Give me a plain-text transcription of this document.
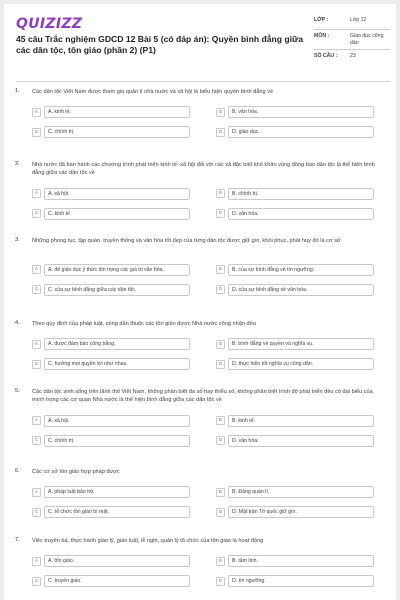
QUIZIZZ
45 câu Trắc nghiệm GDCD 12 Bài 5 (có đáp án): Quyền bình đẳng giữa các dân tộc, tôn giáo (phần 2) (P1)
LỚP :	Lớp 12
MÔN :	Giáo dục công dân
SỐ CÂU :	23
1. Các dân tộc Việt Nam được tham gia quản lí nhà nước và xã hội là biểu hiện quyền bình đẳng về
A	A. kinh tế.	B	B. văn hóa.
C	C. chính trị.	D	D. giáo dục.
2. Nhà nước đã ban hành các chương trình phát triển kinh tế- xã hội đối với các xã đặc biệt khó khăn vùng đồng bào dân tộc là thể hiện bình đẳng giữa các dân tộc về
A	A. xã hội.	B	B. chính trị.
C	C. kinh tế.	D	D. văn hóa.
3. Những phong tục, tập quán, truyền thống và văn hóa tốt đẹp của từng dân tộc được giữ gìn, khôi phục, phát huy đó là cơ sở
A	A. để giáo dục ý thức tôn trọng các giá trị văn hóa.	B	B. của sự bình đẳng về tín ngưỡng.
C	C. của sự bình đẳng giữa các dân tộc.	D	D. của sự bình đẳng về văn hóa.
4. Theo quy định của pháp luật, công dân thuộc các tôn giáo được Nhà nước công nhận đều
A	A. được đảm bảo công bằng.	B	B. bình đẳng về quyền và nghĩa vụ.
C	C. hưởng mọi quyền lợi như nhau.	D	D. thực hiện tốt nghĩa vụ công dân.
5. Các dân tộc sinh sống trên lãnh thổ Việt Nam, không phân biệt đa số hay thiểu số, không phân biệt trình độ phát triển đều có đại biểu của mình trong các cơ quan Nhà nước là thể hiện bình đẳng giữa các dân tộc về
A	A. xã hội.	B	B. kinh tế.
C	C. chính trị.	D	D. văn hóa.
6. Các cơ sở tôn giáo hợp pháp được
A	A. pháp luật bảo hộ.	B	B. Đảng quản lí.
C	C. tổ chức tôn giáo bí mật.	D	D. Mặt trận Tổ quốc giữ gìn.
7. Việc truyền bá, thực hành giáo lý, giáo luật, lễ nghi, quản lý tổ chức của tôn giáo là hoạt động
A	A. tôn giáo.	B	B. tâm linh.
C	C. truyền giáo.	D	D. tín ngưỡng.
